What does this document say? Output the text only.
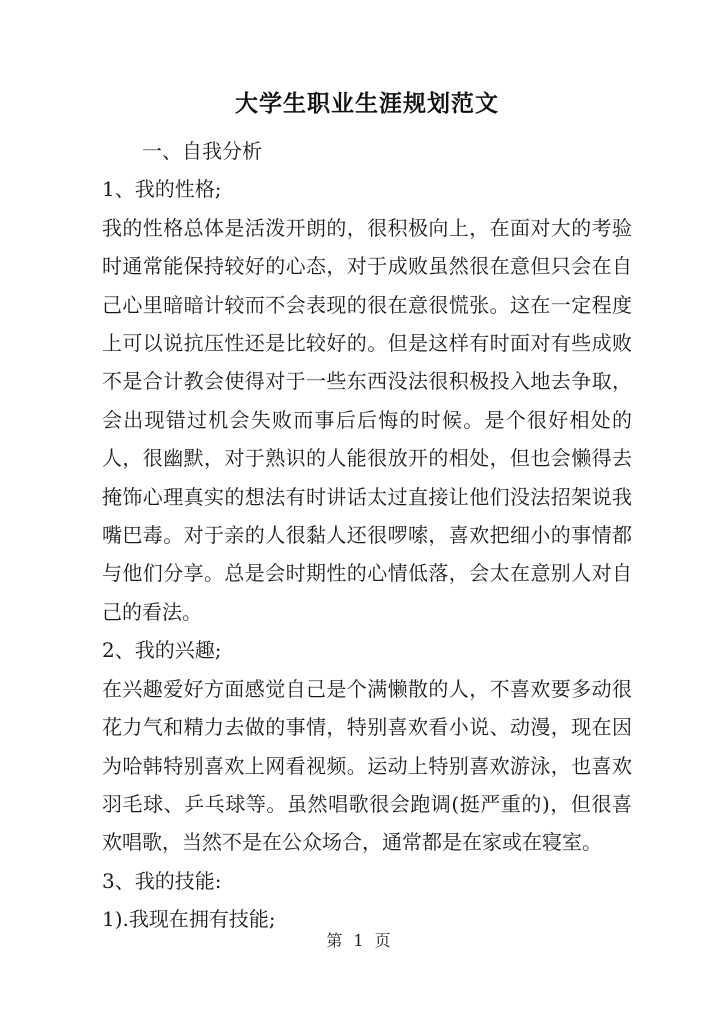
大学生职业生涯规划范文
一、自我分析
1、我的性格;
我的性格总体是活泼开朗的，很积极向上，在面对大的考验时通常能保持较好的心态，对于成败虽然很在意但只会在自己心里暗暗计较而不会表现的很在意很慌张。这在一定程度上可以说抗压性还是比较好的。但是这样有时面对有些成败不是合计教会使得对于一些东西没法很积极投入地去争取，会出现错过机会失败而事后后悔的时候。是个很好相处的人，很幽默，对于熟识的人能很放开的相处，但也会懒得去掩饰心理真实的想法有时讲话太过直接让他们没法招架说我嘴巴毒。对于亲的人很黏人还很啰嗦，喜欢把细小的事情都与他们分享。总是会时期性的心情低落，会太在意别人对自己的看法。
2、我的兴趣;
在兴趣爱好方面感觉自己是个满懒散的人，不喜欢要多动很花力气和精力去做的事情，特别喜欢看小说、动漫，现在因为哈韩特别喜欢上网看视频。运动上特别喜欢游泳，也喜欢羽毛球、乒乓球等。虽然唱歌很会跑调(挺严重的)，但很喜欢唱歌，当然不是在公众场合，通常都是在家或在寝室。
3、我的技能:
1).我现在拥有技能;
第 1 页
